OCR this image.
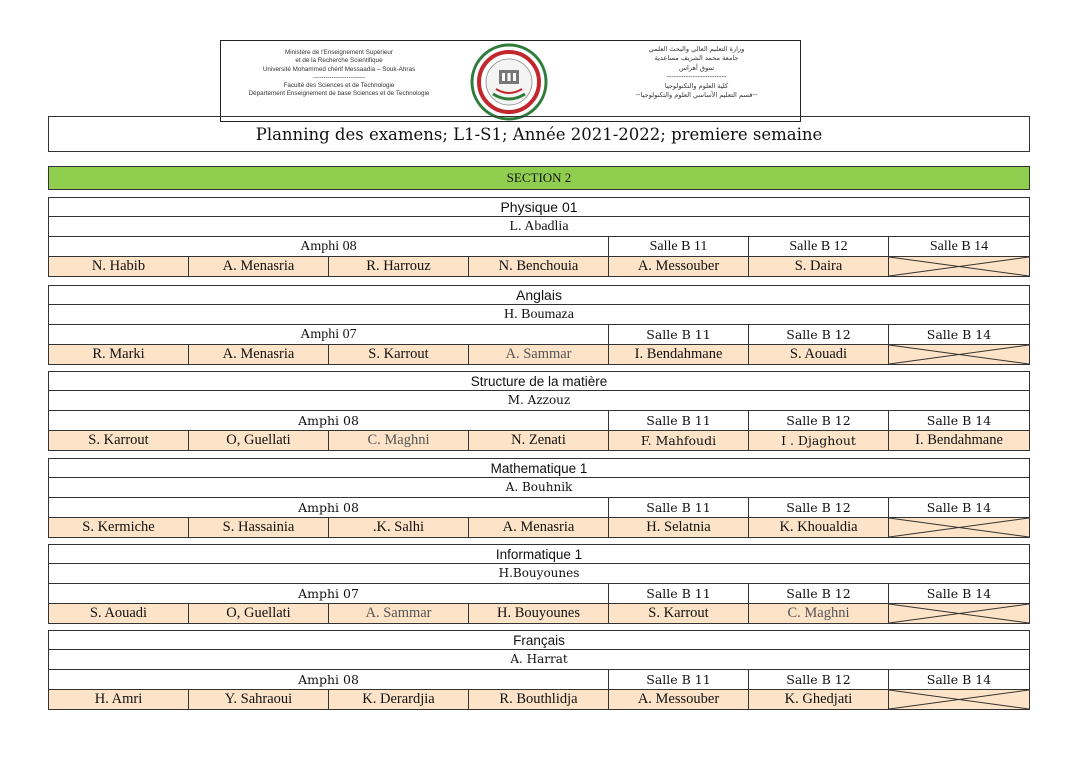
Ministère de l'Enseignement Supérieur
et de la Recherche Scientifique
Université Mohammed chérif Messaadia – Souk-Ahras
-------------------------
Faculté des Sciences et de Technologie
Département Enseignement de base Sciences et de Technologie
وزارة التعليم العالي والبحث العلمي
جامعة محمد الشريف مساعدية
سوق أهراس
-------------------------
كلية العلوم والتكنولوجيا
--قسم التعليم الأساسي العلوم والتكنولوجيا--
Planning des examens; L1-S1; Année 2021-2022; premiere semaine
SECTION 2
Physique 01
L. Abadlia
Amphi 08	Salle B 11	Salle B 12	Salle B 14
N. Habib	A. Menasria	R. Harrouz	N. Benchouia	A. Messouber	S. Daira
Anglais
H. Boumaza
Amphi 07	Salle B 11	Salle B 12	Salle B 14
R. Marki	A. Menasria	S. Karrout	A. Sammar	I. Bendahmane	S. Aouadi
Structure de la matière
M. Azzouz
Amphi 08	Salle B 11	Salle B 12	Salle B 14
S. Karrout	O, Guellati	C. Maghni	N. Zenati	F. Mahfoudi	I . Djaghout	I. Bendahmane
Mathematique 1
A. Bouhnik
Amphi 08	Salle B 11	Salle B 12	Salle B 14
S. Kermiche	S. Hassainia	.K. Salhi	A. Menasria	H. Selatnia	K. Khoualdia
Informatique 1
H.Bouyounes
Amphi 07	Salle B 11	Salle B 12	Salle B 14
S. Aouadi	O, Guellati	A. Sammar	H. Bouyounes	S. Karrout	C. Maghni
Français
A. Harrat
Amphi 08	Salle B 11	Salle B 12	Salle B 14
H. Amri	Y. Sahraoui	K. Derardjia	R. Bouthlidja	A. Messouber	K. Ghedjati
